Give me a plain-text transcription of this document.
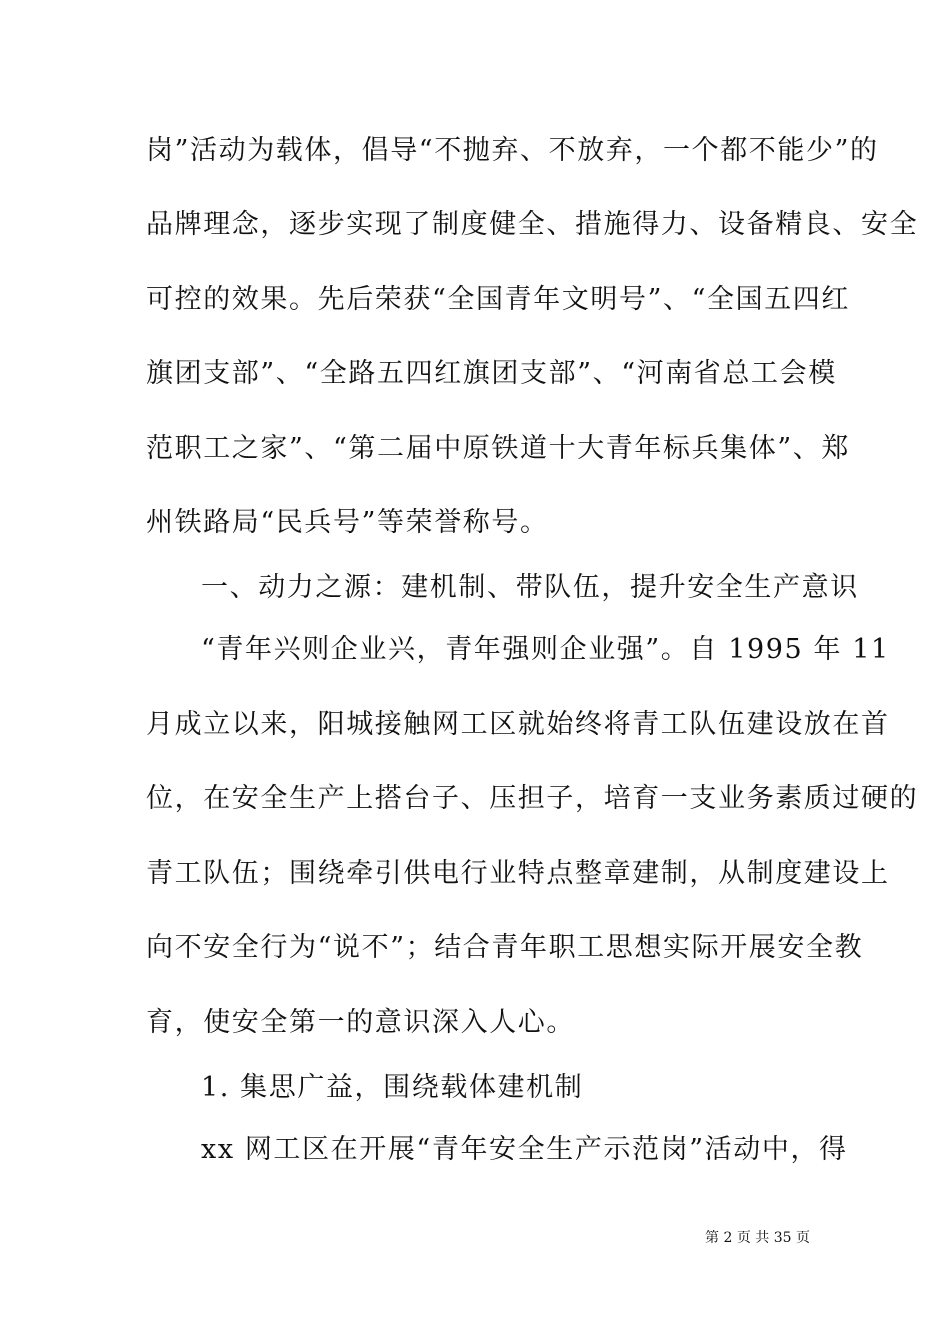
岗”活动为载体，倡导“不抛弃、不放弃，一个都不能少”的
品牌理念，逐步实现了制度健全、措施得力、设备精良、安全
可控的效果。先后荣获“全国青年文明号”、“全国五四红
旗团支部”、“全路五四红旗团支部”、“河南省总工会模
范职工之家”、“第二届中原铁道十大青年标兵集体”、郑
州铁路局“民兵号”等荣誉称号。
一、动力之源：建机制、带队伍，提升安全生产意识
“青年兴则企业兴，青年强则企业强”。自 1995 年 11
月成立以来，阳城接触网工区就始终将青工队伍建设放在首
位，在安全生产上搭台子、压担子，培育一支业务素质过硬的
青工队伍；围绕牵引供电行业特点整章建制，从制度建设上
向不安全行为“说不”；结合青年职工思想实际开展安全教
育，使安全第一的意识深入人心。
1. 集思广益，围绕载体建机制
xx 网工区在开展“青年安全生产示范岗”活动中，得
第 2 页 共 35 页
